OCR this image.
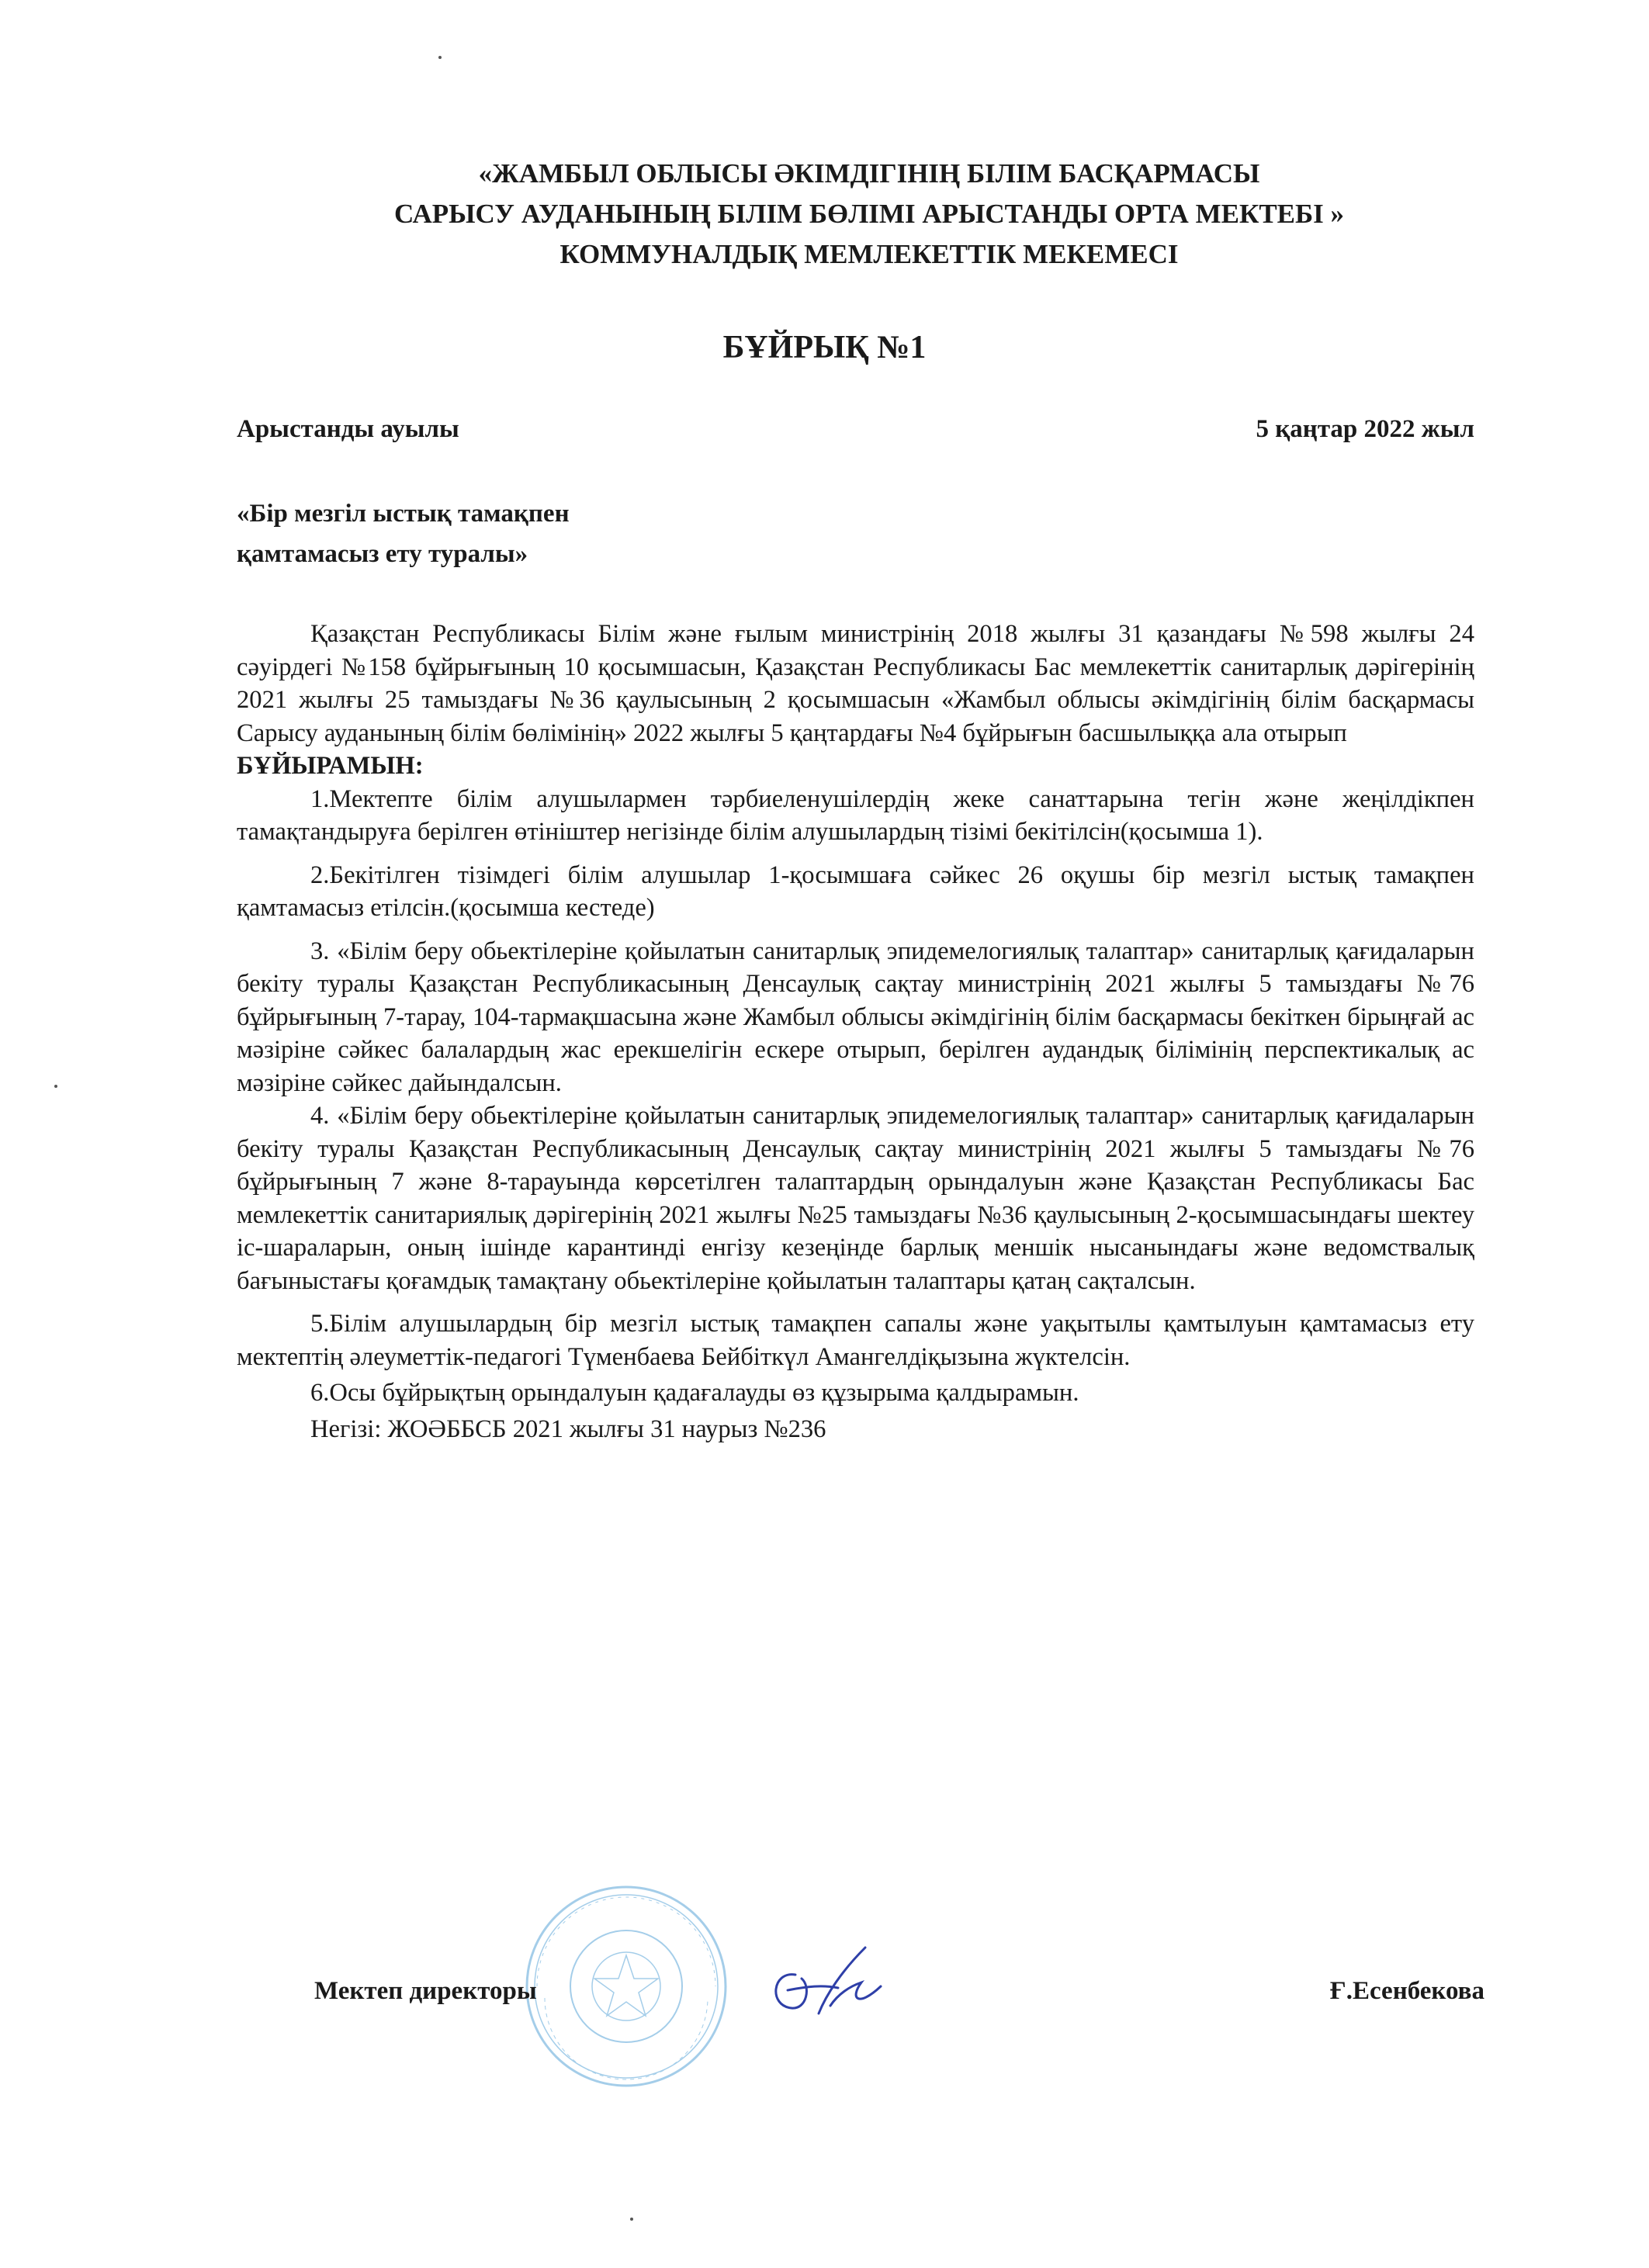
«ЖАМБЫЛ ОБЛЫСЫ ӘКІМДІГІНІҢ БІЛІМ БАСҚАРМАСЫ
САРЫСУ АУДАНЫНЫҢ БІЛІМ БӨЛІМІ АРЫСТАНДЫ ОРТА МЕКТЕБІ »
КОММУНАЛДЫҚ МЕМЛЕКЕТТІК МЕКЕМЕСІ
БҰЙРЫҚ №1
Арыстанды ауылы	5 қаңтар 2022 жыл
«Бір мезгіл ыстық тамақпен
қамтамасыз ету туралы»

Қазақстан Республикасы Білім және ғылым министрінің 2018 жылғы 31 қазандағы №598 жылғы 24 сәуірдегі №158 бұйрығының 10 қосымшасын, Қазақстан Республикасы Бас мемлекеттік санитарлық дәрігерінің 2021 жылғы 25 тамыздағы №36 қаулысының 2 қосымшасын «Жамбыл облысы әкімдігінің білім басқармасы Сарысу ауданының білім бөлімінің» 2022 жылғы 5 қаңтардағы №4 бұйрығын басшылыққа ала отырып

БҰЙЫРАМЫН:

1.Мектепте білім алушылармен тәрбиеленушілердің жеке санаттарына тегін және жеңілдікпен тамақтандыруға берілген өтініштер негізінде білім алушылардың тізімі бекітілсін(қосымша 1).

2.Бекітілген тізімдегі білім алушылар 1-қосымшаға сәйкес 26 оқушы бір мезгіл ыстық тамақпен қамтамасыз етілсін.(қосымша кестеде)

3. «Білім беру обьектілеріне қойылатын санитарлық эпидемелогиялық талаптар» санитарлық қағидаларын бекіту туралы Қазақстан Республикасының Денсаулық сақтау министрінің 2021 жылғы 5 тамыздағы №76 бұйрығының 7-тарау, 104-тармақшасына және Жамбыл облысы әкімдігінің білім басқармасы бекіткен бірыңғай ас мәзіріне сәйкес балалардың жас ерекшелігін ескере отырып, берілген аудандық білімінің перспектикалық ас мәзіріне сәйкес дайындалсын.

4. «Білім беру обьектілеріне қойылатын санитарлық эпидемелогиялық талаптар» санитарлық қағидаларын бекіту туралы Қазақстан Республикасының Денсаулық сақтау министрінің 2021 жылғы 5 тамыздағы №76 бұйрығының 7 және 8-тарауында көрсетілген талаптардың орындалуын және Қазақстан Республикасы Бас мемлекеттік санитариялық дәрігерінің 2021 жылғы №25 тамыздағы №36 қаулысының 2-қосымшасындағы шектеу іс-шараларын, оның ішінде карантинді енгізу кезеңінде барлық меншік нысанындағы және ведомствалық бағыныстағы қоғамдық тамақтану обьектілеріне қойылатын талаптары қатаң сақталсын.

5.Білім алушылардың бір мезгіл ыстық тамақпен сапалы және уақытылы қамтылуын қамтамасыз ету мектептің әлеуметтік-педагогі Түменбаева Бейбіткүл Амангелдіқызына жүктелсін.

6.Осы бұйрықтың орындалуын қадағалауды өз құзырыма қалдырамын.

Негізі: ЖОӘББСБ 2021 жылғы 31 наурыз №236

Мектеп директоры	Ғ.Есенбекова
